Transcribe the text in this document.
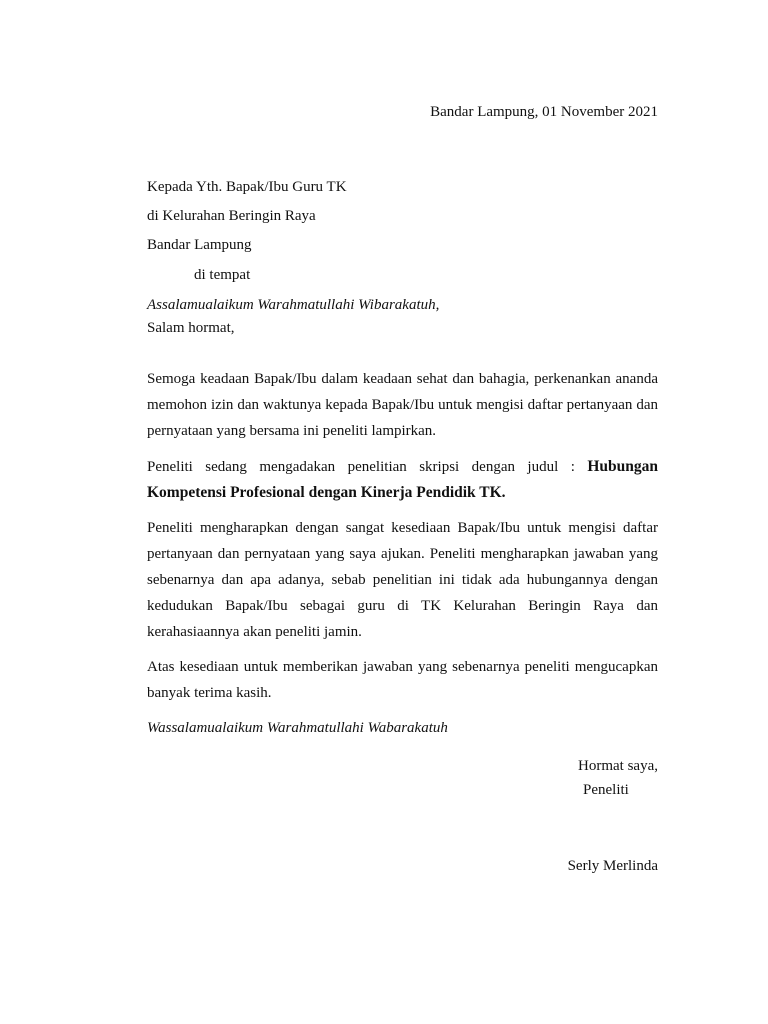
Bandar Lampung, 01 November 2021
Kepada Yth. Bapak/Ibu Guru TK
di Kelurahan Beringin Raya
Bandar Lampung
di tempat
Assalamualaikum Warahmatullahi Wibarakatuh,
Salam hormat,
Semoga keadaan Bapak/Ibu dalam keadaan sehat dan bahagia, perkenankan ananda memohon izin dan waktunya kepada Bapak/Ibu untuk mengisi daftar pertanyaan dan pernyataan yang bersama ini peneliti lampirkan.
Peneliti sedang mengadakan penelitian skripsi dengan judul : Hubungan Kompetensi Profesional dengan Kinerja Pendidik TK.
Peneliti mengharapkan dengan sangat kesediaan Bapak/Ibu untuk mengisi daftar pertanyaan dan pernyataan yang saya ajukan. Peneliti mengharapkan jawaban yang sebenarnya dan apa adanya, sebab penelitian ini tidak ada hubungannya dengan kedudukan Bapak/Ibu sebagai guru di TK Kelurahan Beringin Raya dan kerahasiaannya akan peneliti jamin.
Atas kesediaan untuk memberikan jawaban yang sebenarnya peneliti mengucapkan banyak terima kasih.
Wassalamualaikum Warahmatullahi Wabarakatuh
Hormat saya,
Peneliti
Serly Merlinda
